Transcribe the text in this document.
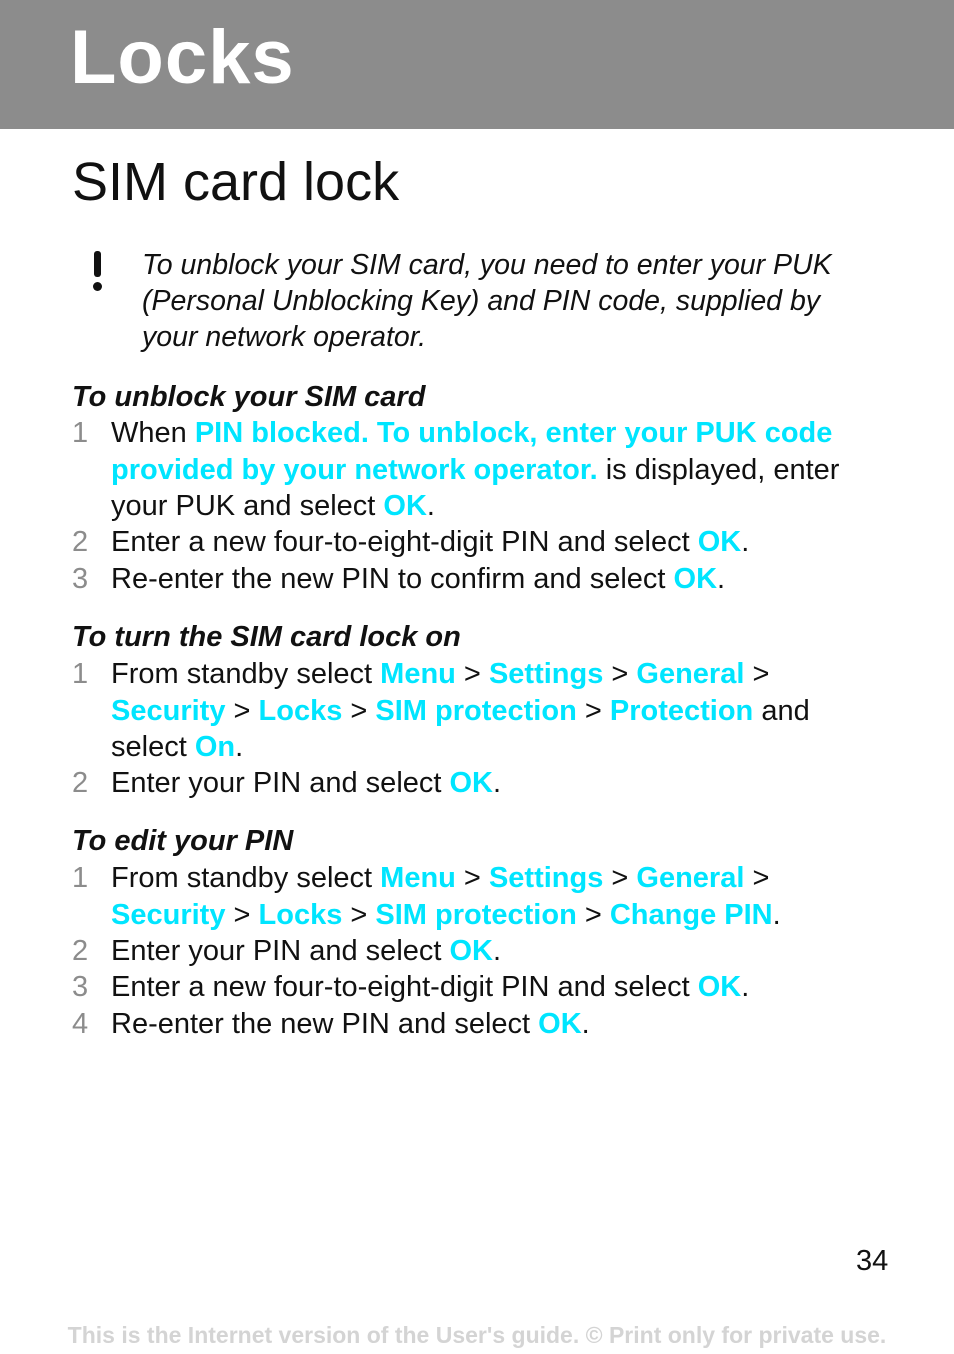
Locks
SIM card lock
To unblock your SIM card, you need to enter your PUK (Personal Unblocking Key) and PIN code, supplied by your network operator.
To unblock your SIM card
1 When PIN blocked. To unblock, enter your PUK code provided by your network operator. is displayed, enter your PUK and select OK.
2 Enter a new four-to-eight-digit PIN and select OK.
3 Re-enter the new PIN to confirm and select OK.
To turn the SIM card lock on
1 From standby select Menu > Settings > General > Security > Locks > SIM protection > Protection and select On.
2 Enter your PIN and select OK.
To edit your PIN
1 From standby select Menu > Settings > General > Security > Locks > SIM protection > Change PIN.
2 Enter your PIN and select OK.
3 Enter a new four-to-eight-digit PIN and select OK.
4 Re-enter the new PIN and select OK.
34
This is the Internet version of the User's guide. © Print only for private use.
